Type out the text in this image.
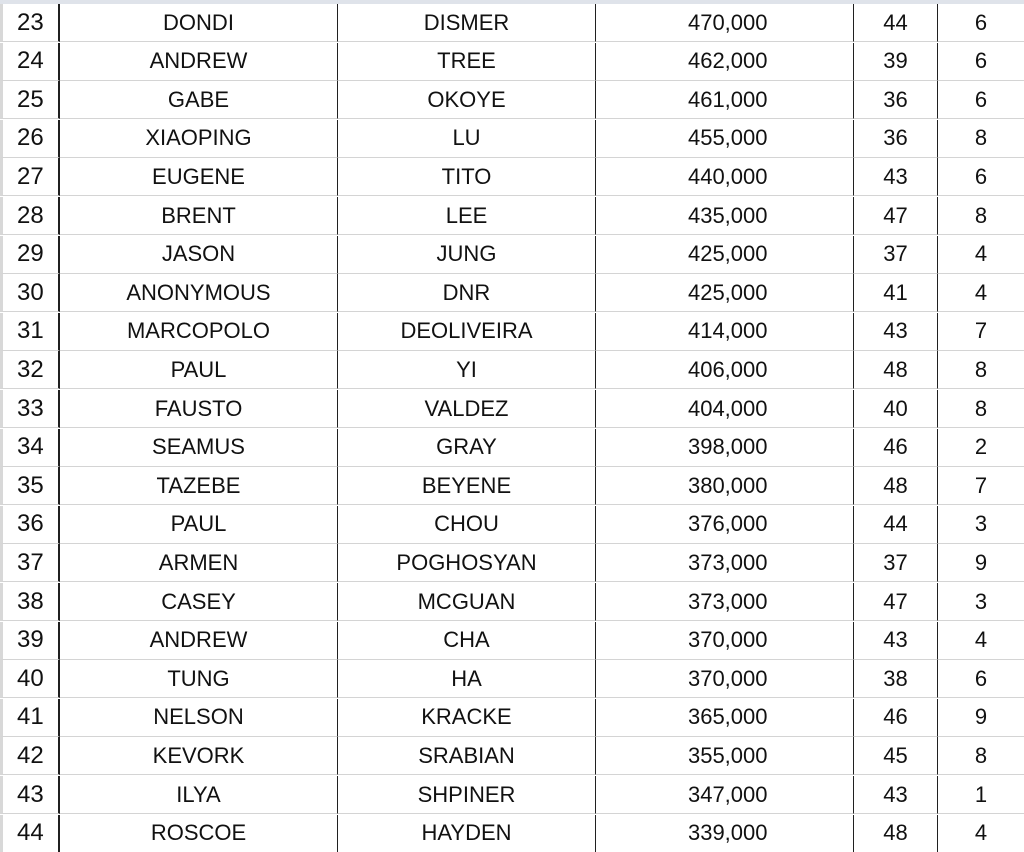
23	DONDI	DISMER	470,000	44	6
24	ANDREW	TREE	462,000	39	6
25	GABE	OKOYE	461,000	36	6
26	XIAOPING	LU	455,000	36	8
27	EUGENE	TITO	440,000	43	6
28	BRENT	LEE	435,000	47	8
29	JASON	JUNG	425,000	37	4
30	ANONYMOUS	DNR	425,000	41	4
31	MARCOPOLO	DEOLIVEIRA	414,000	43	7
32	PAUL	YI	406,000	48	8
33	FAUSTO	VALDEZ	404,000	40	8
34	SEAMUS	GRAY	398,000	46	2
35	TAZEBE	BEYENE	380,000	48	7
36	PAUL	CHOU	376,000	44	3
37	ARMEN	POGHOSYAN	373,000	37	9
38	CASEY	MCGUAN	373,000	47	3
39	ANDREW	CHA	370,000	43	4
40	TUNG	HA	370,000	38	6
41	NELSON	KRACKE	365,000	46	9
42	KEVORK	SRABIAN	355,000	45	8
43	ILYA	SHPINER	347,000	43	1
44	ROSCOE	HAYDEN	339,000	48	4
